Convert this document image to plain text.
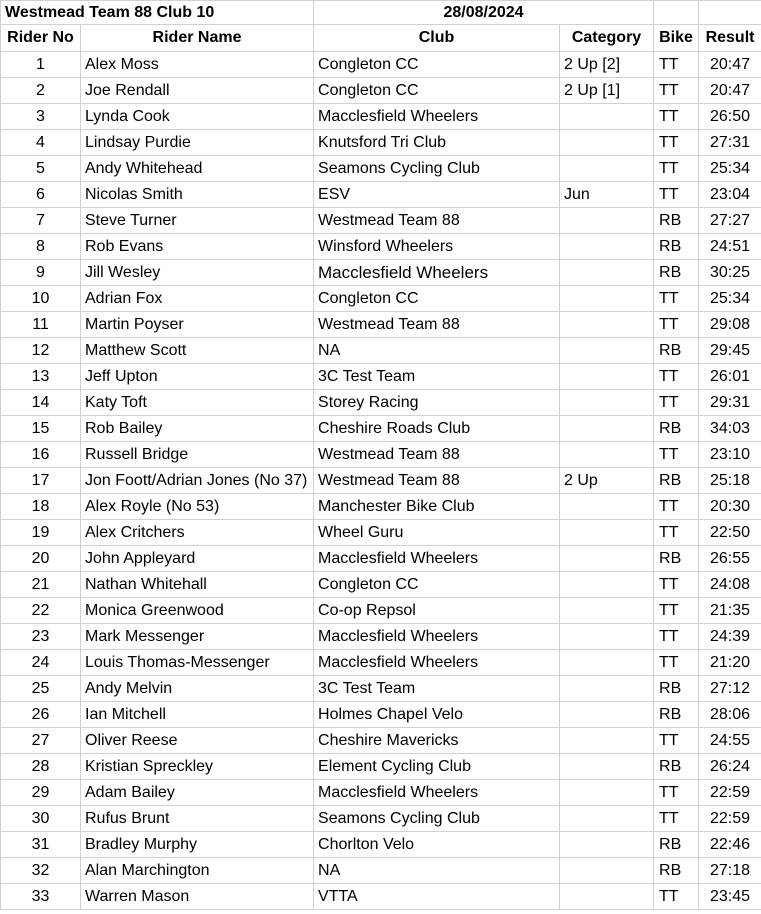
Westmead Team 88 Club 10		28/08/2024			
Rider No	Rider Name	Club	Category	Bike	Result
1	Alex Moss	Congleton CC	2 Up [2]	TT	20:47
2	Joe Rendall	Congleton CC	2 Up [1]	TT	20:47
3	Lynda Cook	Macclesfield Wheelers		TT	26:50
4	Lindsay Purdie	Knutsford Tri Club		TT	27:31
5	Andy Whitehead	Seamons Cycling Club		TT	25:34
6	Nicolas Smith	ESV	Jun	TT	23:04
7	Steve Turner	Westmead Team 88		RB	27:27
8	Rob Evans	Winsford Wheelers		RB	24:51
9	Jill Wesley	Macclesfield Wheelers		RB	30:25
10	Adrian Fox	Congleton CC		TT	25:34
11	Martin Poyser	Westmead Team 88		TT	29:08
12	Matthew Scott	NA		RB	29:45
13	Jeff Upton	3C Test Team		TT	26:01
14	Katy Toft	Storey Racing		TT	29:31
15	Rob Bailey	Cheshire Roads Club		RB	34:03
16	Russell Bridge	Westmead Team 88		TT	23:10
17	Jon Foott/Adrian Jones (No 37)	Westmead Team 88	2 Up	RB	25:18
18	Alex Royle (No 53)	Manchester Bike Club		TT	20:30
19	Alex Critchers	Wheel Guru		TT	22:50
20	John Appleyard	Macclesfield Wheelers		RB	26:55
21	Nathan Whitehall	Congleton CC		TT	24:08
22	Monica Greenwood	Co-op Repsol		TT	21:35
23	Mark Messenger	Macclesfield Wheelers		TT	24:39
24	Louis Thomas-Messenger	Macclesfield Wheelers		TT	21:20
25	Andy Melvin	3C Test Team		RB	27:12
26	Ian Mitchell	Holmes Chapel Velo		RB	28:06
27	Oliver Reese	Cheshire Mavericks		TT	24:55
28	Kristian Spreckley	Element Cycling Club		RB	26:24
29	Adam Bailey	Macclesfield Wheelers		TT	22:59
30	Rufus Brunt	Seamons Cycling Club		TT	22:59
31	Bradley Murphy	Chorlton Velo		RB	22:46
32	Alan Marchington	NA		RB	27:18
33	Warren Mason	VTTA		TT	23:45
